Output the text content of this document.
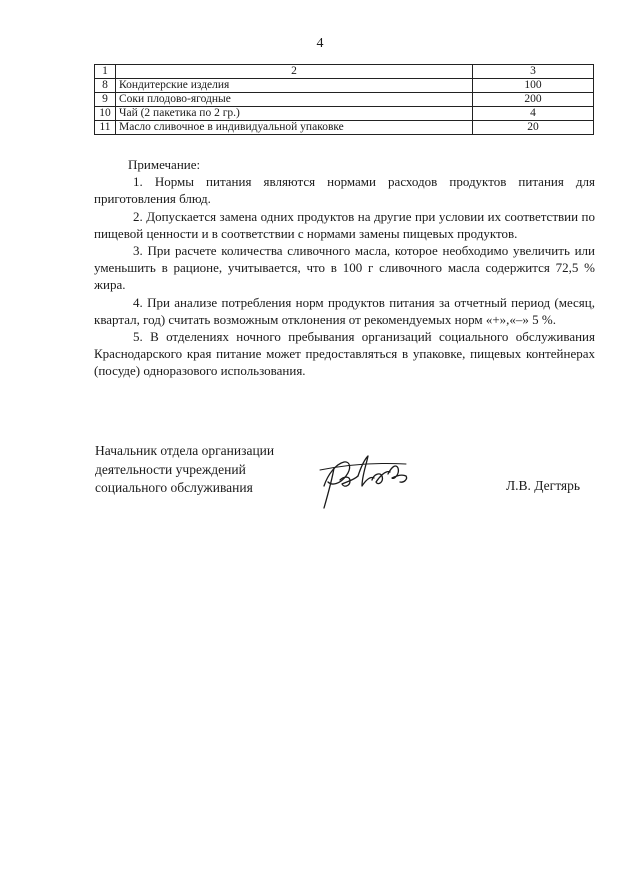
4
1	2	3
8	Кондитерские изделия	100
9	Соки плодово-ягодные	200
10	Чай (2 пакетика по 2 гр.)	4
11	Масло сливочное в индивидуальной упаковке	20

Примечание:

1. Нормы питания являются нормами расходов продуктов питания для приготовления блюд.

2. Допускается замена одних продуктов на другие при условии их соответствии по пищевой ценности и в соответствии с нормами замены пищевых продуктов.

3. При расчете количества сливочного масла, которое необходимо увеличить или уменьшить в рационе, учитывается, что в 100 г сливочного масла содержится 72,5 % жира.

4. При анализе потребления норм продуктов питания за отчетный период (месяц, квартал, год) считать возможным отклонения от рекомендуемых норм «+»,«–» 5 %.

5. В отделениях ночного пребывания организаций социального обслуживания Краснодарского края питание может предоставляться в упаковке, пищевых контейнерах (посуде) одноразового использования.

Начальник отдела организации
деятельности учреждений
социального обслуживания	Л.В. Дегтярь
